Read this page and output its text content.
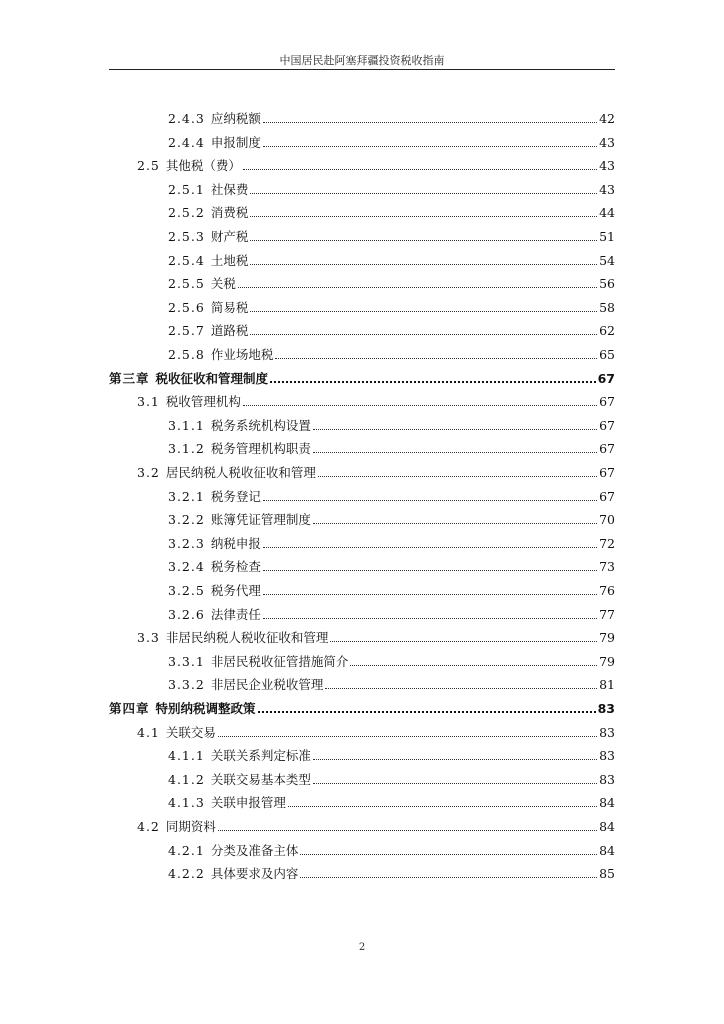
中国居民赴阿塞拜疆投资税收指南
2.4.3 应纳税额	42
2.4.4 申报制度	43
2.5 其他税（费）	43
2.5.1 社保费	43
2.5.2 消费税	44
2.5.3 财产税	51
2.5.4 土地税	54
2.5.5 关税	56
2.5.6 简易税	58
2.5.7 道路税	62
2.5.8 作业场地税	65
第三章 税收征收和管理制度	67
3.1 税收管理机构	67
3.1.1 税务系统机构设置	67
3.1.2 税务管理机构职责	67
3.2 居民纳税人税收征收和管理	67
3.2.1 税务登记	67
3.2.2 账簿凭证管理制度	70
3.2.3 纳税申报	72
3.2.4 税务检查	73
3.2.5 税务代理	76
3.2.6 法律责任	77
3.3 非居民纳税人税收征收和管理	79
3.3.1 非居民税收征管措施简介	79
3.3.2 非居民企业税收管理	81
第四章 特别纳税调整政策	83
4.1 关联交易	83
4.1.1 关联关系判定标准	83
4.1.2 关联交易基本类型	83
4.1.3 关联申报管理	84
4.2 同期资料	84
4.2.1 分类及准备主体	84
4.2.2 具体要求及内容	85
2
